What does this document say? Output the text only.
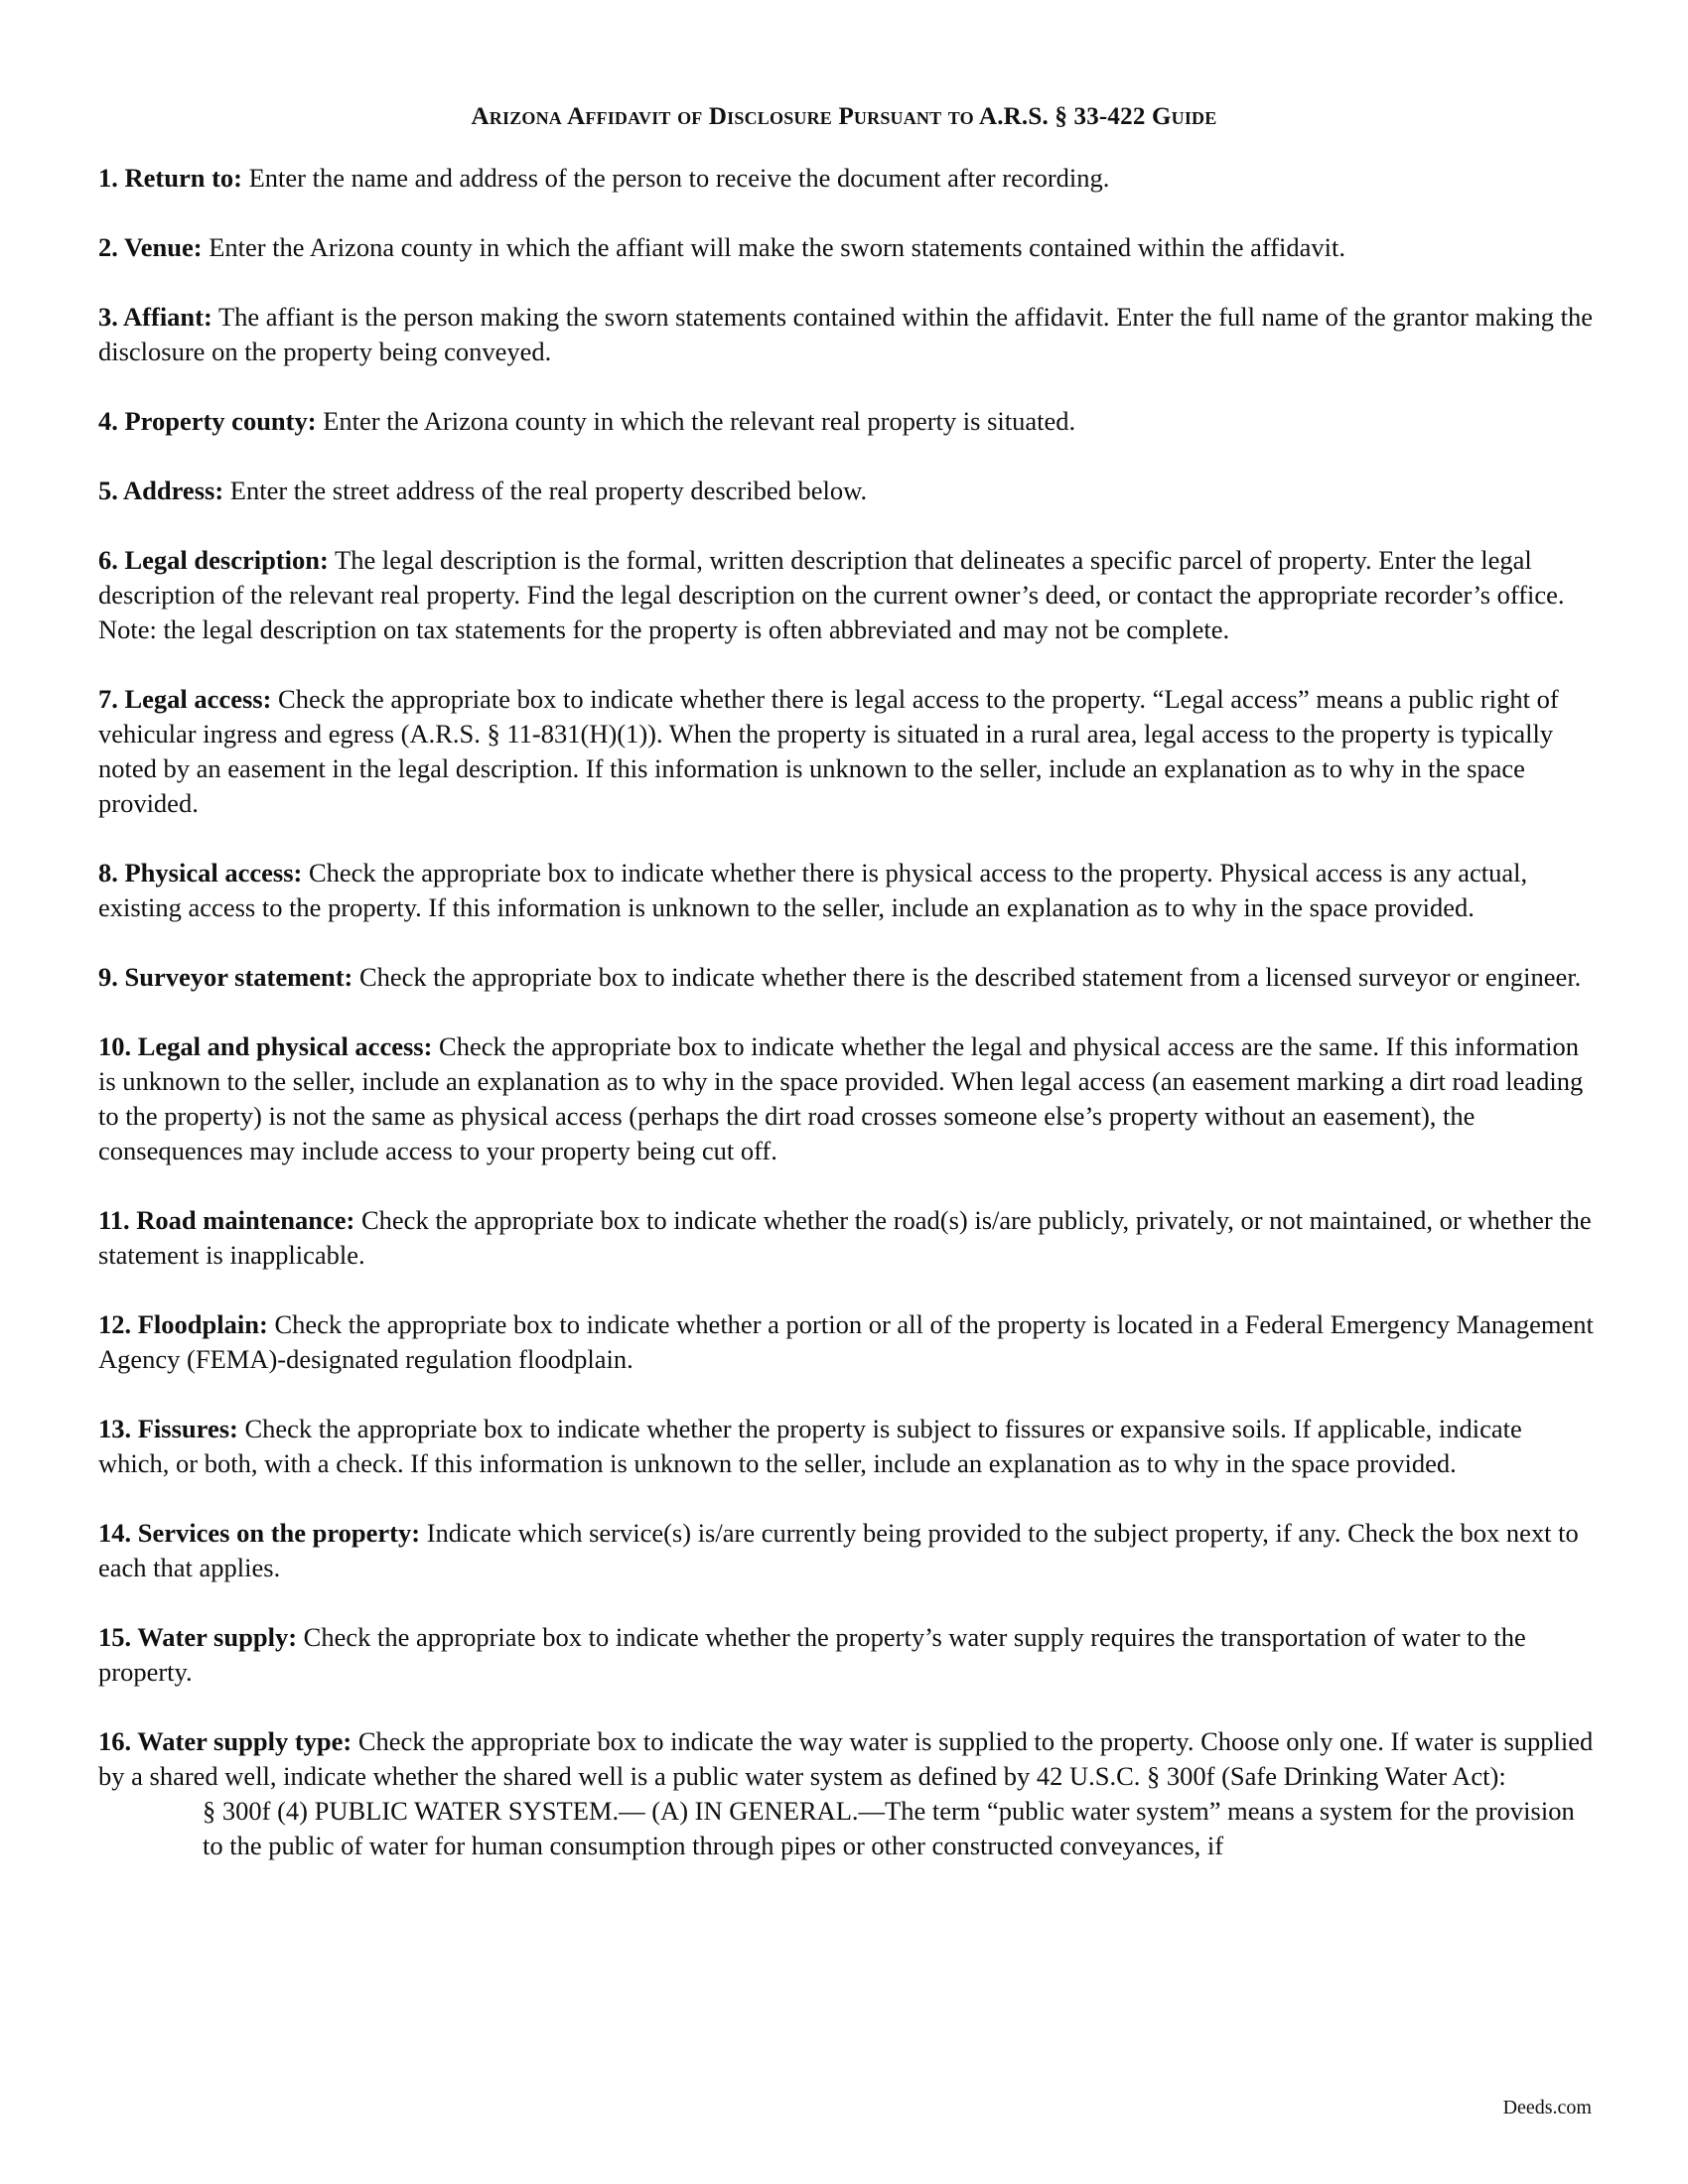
Arizona Affidavit of Disclosure Pursuant to A.R.S. § 33-422 Guide

1. Return to: Enter the name and address of the person to receive the document after recording.

2. Venue: Enter the Arizona county in which the affiant will make the sworn statements contained within the affidavit.

3. Affiant: The affiant is the person making the sworn statements contained within the affidavit. Enter the full name of the grantor making the disclosure on the property being conveyed.

4. Property county: Enter the Arizona county in which the relevant real property is situated.

5. Address: Enter the street address of the real property described below.

6. Legal description: The legal description is the formal, written description that delineates a specific parcel of property. Enter the legal description of the relevant real property. Find the legal description on the current owner’s deed, or contact the appropriate recorder’s office. Note: the legal description on tax statements for the property is often abbreviated and may not be complete.

7. Legal access: Check the appropriate box to indicate whether there is legal access to the property. “Legal access” means a public right of vehicular ingress and egress (A.R.S. § 11-831(H)(1)). When the property is situated in a rural area, legal access to the property is typically noted by an easement in the legal description. If this information is unknown to the seller, include an explanation as to why in the space provided.

8. Physical access: Check the appropriate box to indicate whether there is physical access to the property. Physical access is any actual, existing access to the property. If this information is unknown to the seller, include an explanation as to why in the space provided.

9. Surveyor statement: Check the appropriate box to indicate whether there is the described statement from a licensed surveyor or engineer.

10. Legal and physical access: Check the appropriate box to indicate whether the legal and physical access are the same. If this information is unknown to the seller, include an explanation as to why in the space provided. When legal access (an easement marking a dirt road leading to the property) is not the same as physical access (perhaps the dirt road crosses someone else’s property without an easement), the consequences may include access to your property being cut off.

11. Road maintenance: Check the appropriate box to indicate whether the road(s) is/are publicly, privately, or not maintained, or whether the statement is inapplicable.

12. Floodplain: Check the appropriate box to indicate whether a portion or all of the property is located in a Federal Emergency Management Agency (FEMA)-designated regulation floodplain.

13. Fissures: Check the appropriate box to indicate whether the property is subject to fissures or expansive soils. If applicable, indicate which, or both, with a check. If this information is unknown to the seller, include an explanation as to why in the space provided.

14. Services on the property: Indicate which service(s) is/are currently being provided to the subject property, if any. Check the box next to each that applies.

15. Water supply: Check the appropriate box to indicate whether the property’s water supply requires the transportation of water to the property.

16. Water supply type: Check the appropriate box to indicate the way water is supplied to the property. Choose only one. If water is supplied by a shared well, indicate whether the shared well is a public water system as defined by 42 U.S.C. § 300f (Safe Drinking Water Act):

§ 300f (4) PUBLIC WATER SYSTEM.— (A) IN GENERAL.—The term “public water system” means a system for the provision to the public of water for human consumption through pipes or other constructed conveyances, if

Deeds.com
